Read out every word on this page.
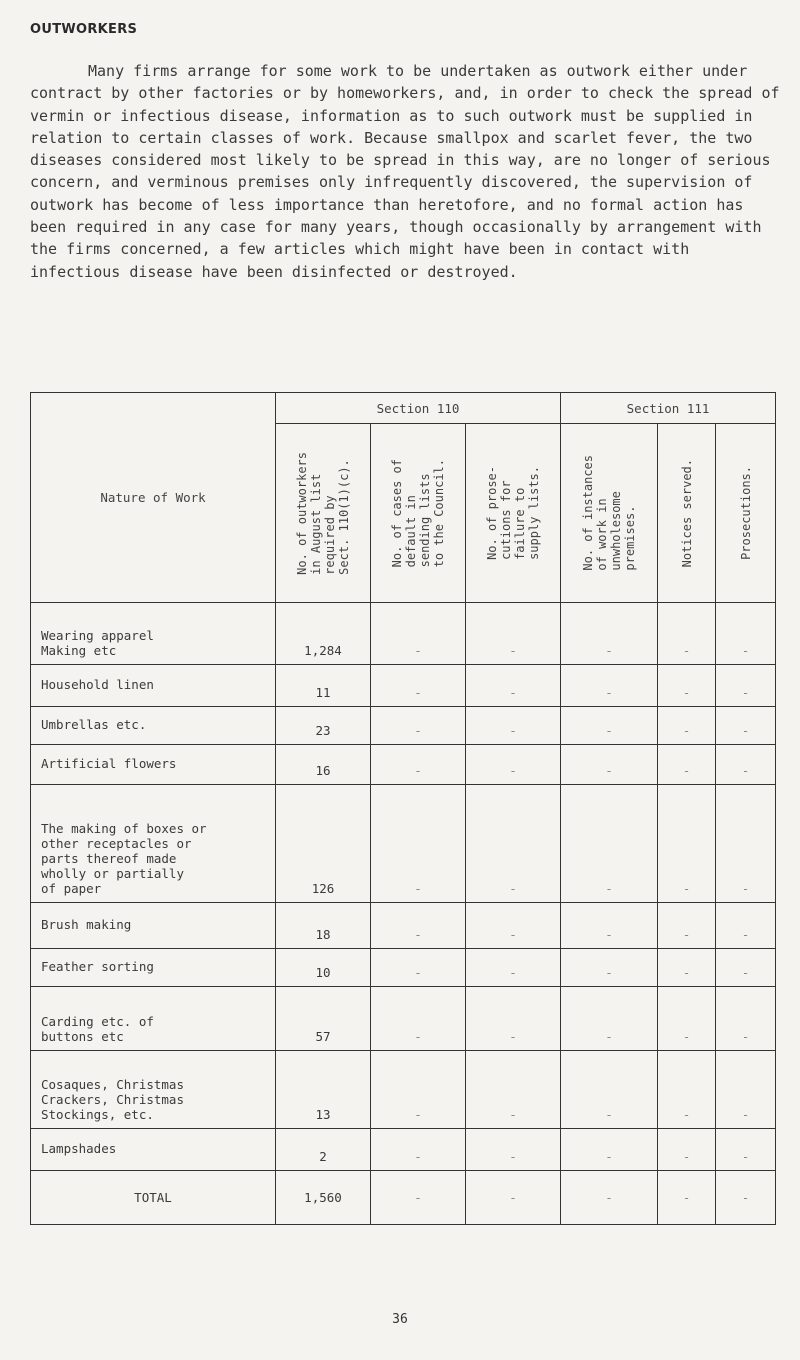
OUTWORKERS

Many firms arrange for some work to be undertaken as outwork either under contract by other factories or by homeworkers, and, in order to check the spread of vermin or infectious disease, information as to such outwork must be supplied in relation to certain classes of work. Because smallpox and scarlet fever, the two diseases considered most likely to be spread in this way, are no longer of serious concern, and verminous premises only infrequently discovered, the supervision of outwork has become of less importance than heretofore, and no formal action has been required in any case for many years, though occasionally by arrangement with the firms concerned, a few articles which might have been in contact with infectious disease have been disinfected or destroyed.

Nature of Work	Section 110			Section 111		

	No. of outworkers
in August list
required by
Sect. 110(1)(c).	No. of cases of
default in
sending lists
to the Council.	No. of prose-
cutions for
failure to
supply lists.	No. of instances
of work in
unwholesome
premises.	Notices served.	Prosecutions.

Wearing apparel
Making etc	1,284	-	-	-	-	-
Household linen	11	-	-	-	-	-
Umbrellas etc.	23	-	-	-	-	-
Artificial flowers	16	-	-	-	-	-
The making of boxes or
other receptacles or
parts thereof made
wholly or partially
of paper	126	-	-	-	-	-
Brush making	18	-	-	-	-	-
Feather sorting	10	-	-	-	-	-
Carding etc. of
buttons etc	57	-	-	-	-	-
Cosaques, Christmas
Crackers, Christmas
Stockings, etc.	13	-	-	-	-	-
Lampshades	2	-	-	-	-	-
TOTAL	1,560	-	-	-	-	-
36
